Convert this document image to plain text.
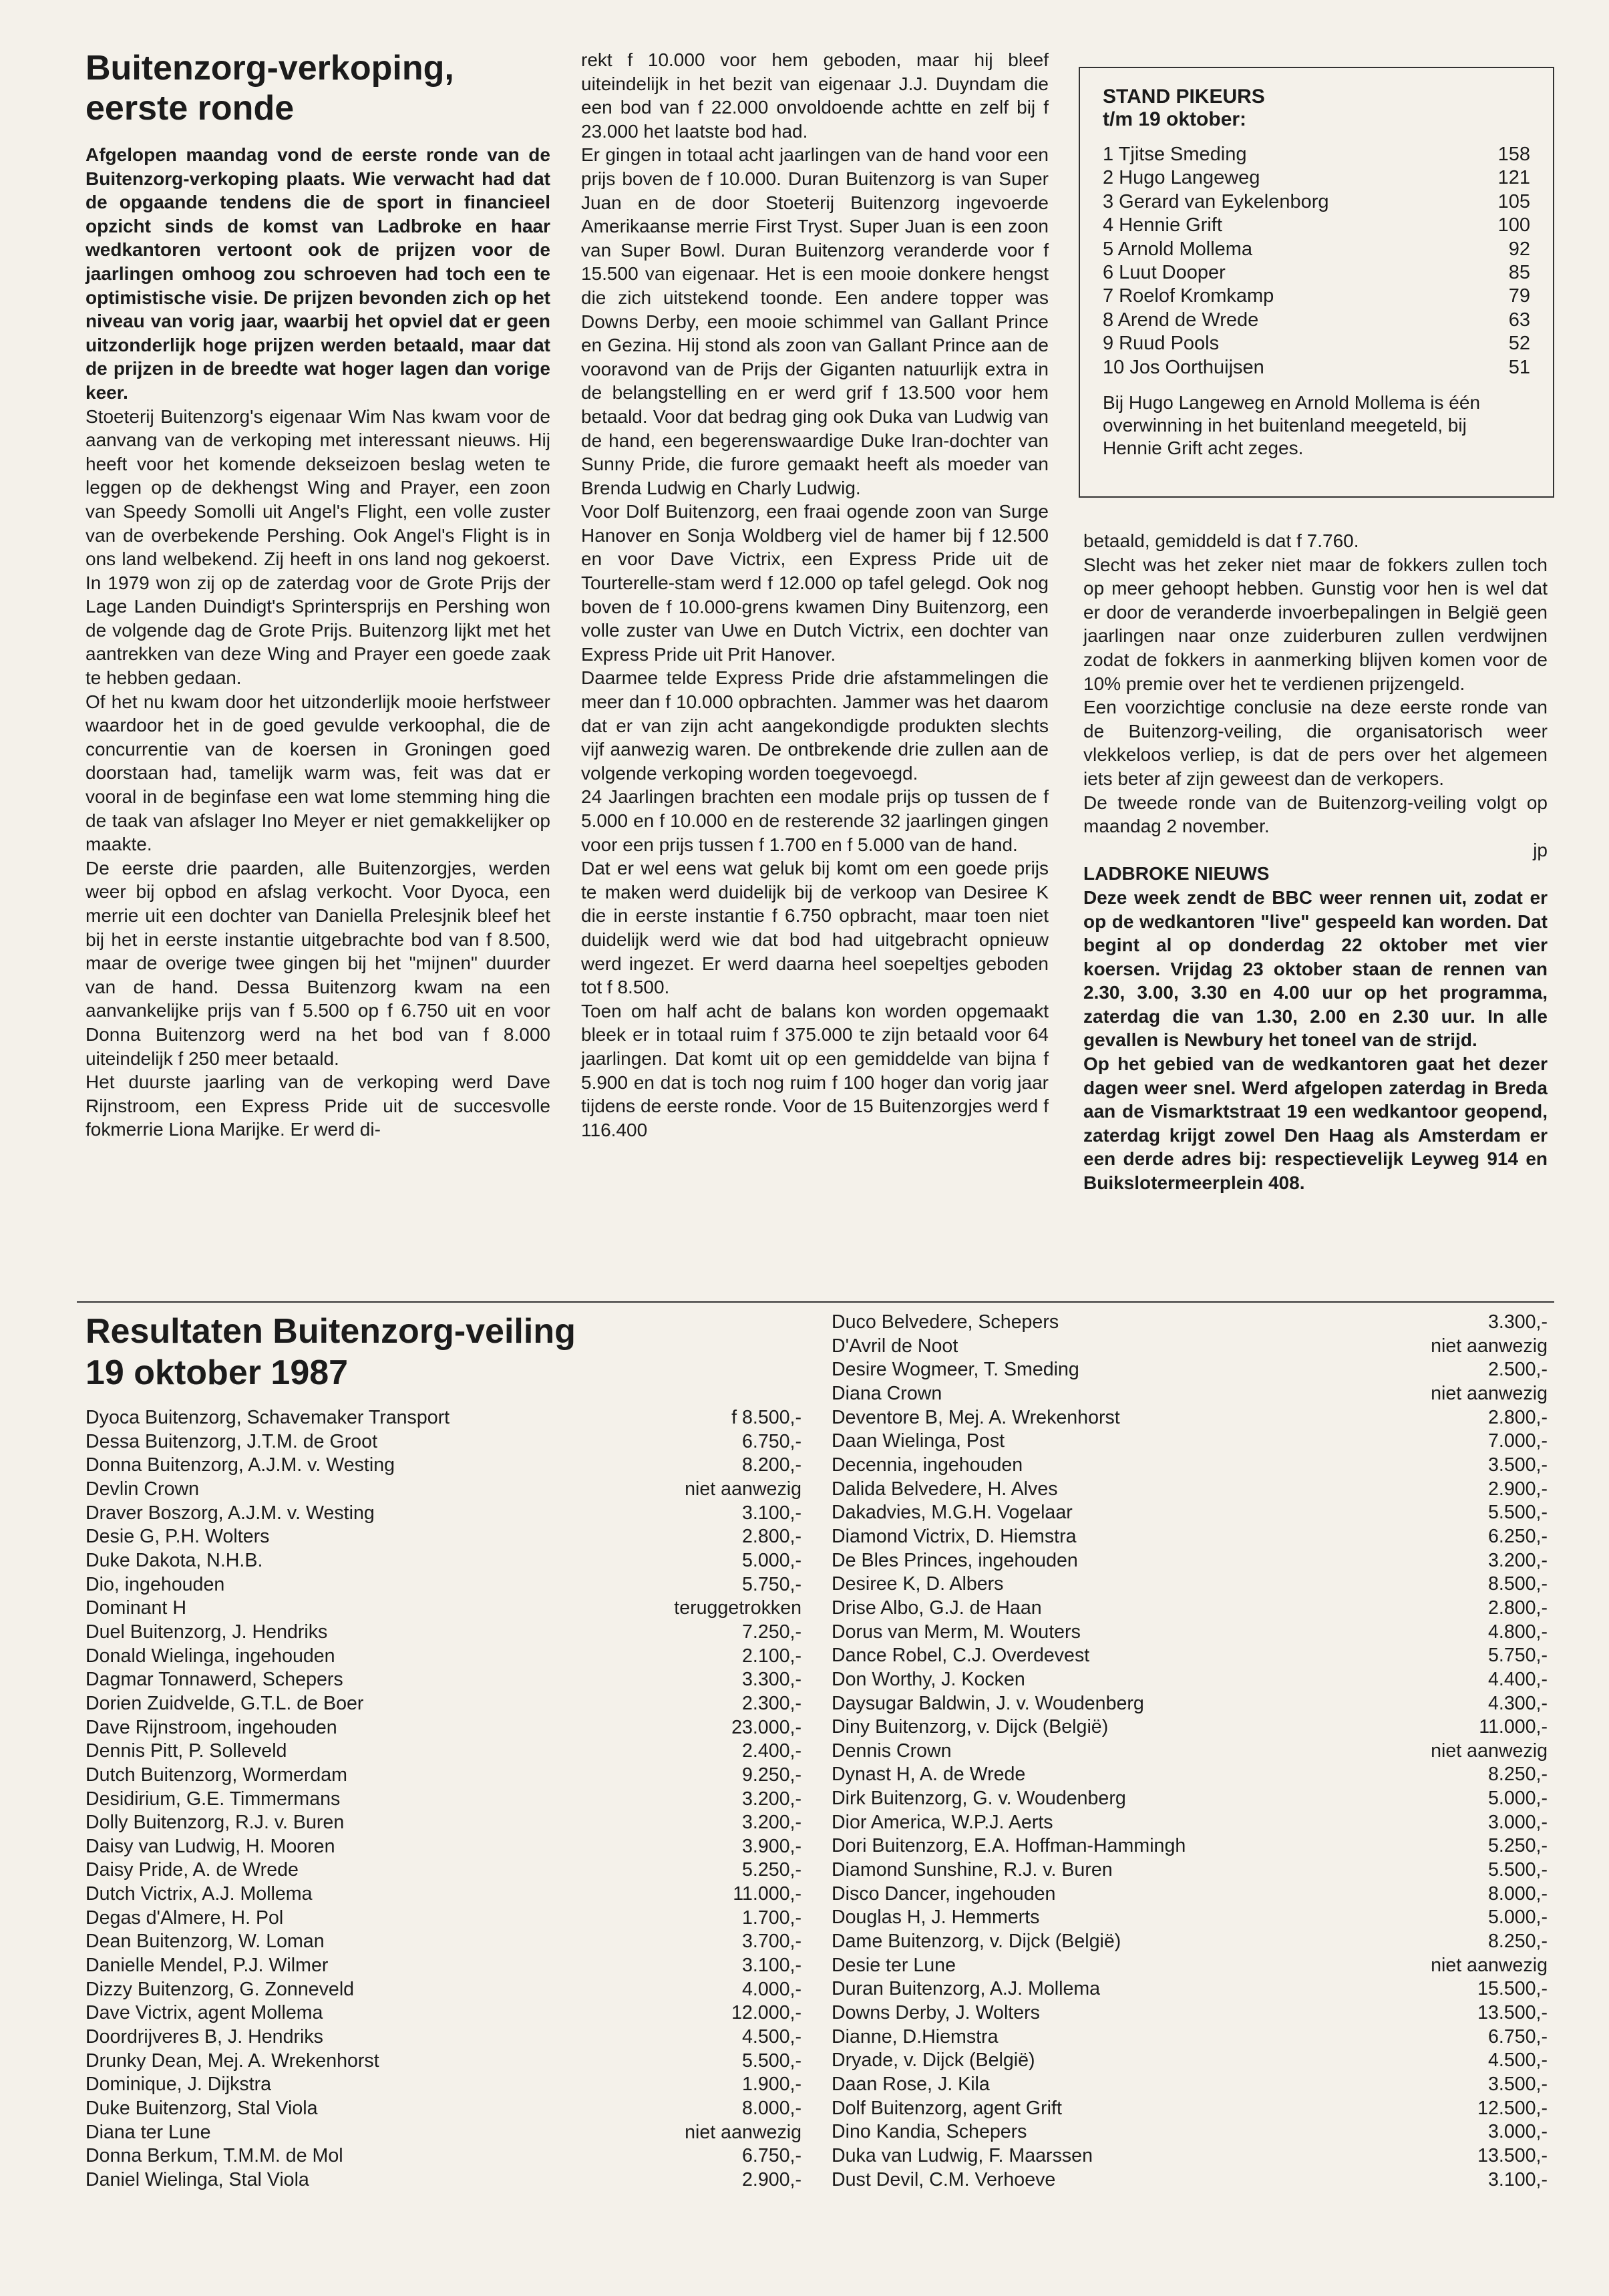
Buitenzorg-verkoping,
eerste ronde

Afgelopen maandag vond de eerste ronde van de Buitenzorg-verkoping plaats. Wie verwacht had dat de opgaande tendens die de sport in financieel opzicht sinds de komst van Ladbroke en haar wedkantoren vertoont ook de prijzen voor de jaarlingen omhoog zou schroeven had toch een te optimistische visie. De prijzen bevonden zich op het niveau van vorig jaar, waarbij het opviel dat er geen uitzonderlijk hoge prijzen werden betaald, maar dat de prijzen in de breedte wat hoger lagen dan vorige keer.

Stoeterij Buitenzorg's eigenaar Wim Nas kwam voor de aanvang van de verkoping met interessant nieuws. Hij heeft voor het komende dekseizoen beslag weten te leggen op de dekhengst Wing and Prayer, een zoon van Speedy Somolli uit Angel's Flight, een volle zuster van de overbekende Pershing. Ook Angel's Flight is in ons land welbekend. Zij heeft in ons land nog gekoerst. In 1979 won zij op de zaterdag voor de Grote Prijs der Lage Landen Duindigt's Sprintersprijs en Pershing won de volgende dag de Grote Prijs. Buitenzorg lijkt met het aantrekken van deze Wing and Prayer een goede zaak te hebben gedaan.

Of het nu kwam door het uitzonderlijk mooie herfstweer waardoor het in de goed gevulde verkoophal, die de concurrentie van de koersen in Groningen goed doorstaan had, tamelijk warm was, feit was dat er vooral in de beginfase een wat lome stemming hing die de taak van afslager Ino Meyer er niet gemakkelijker op maakte.

De eerste drie paarden, alle Buitenzorgjes, werden weer bij opbod en afslag verkocht. Voor Dyoca, een merrie uit een dochter van Daniella Prelesjnik bleef het bij het in eerste instantie uitgebrachte bod van f 8.500, maar de overige twee gingen bij het "mijnen" duurder van de hand. Dessa Buitenzorg kwam na een aanvankelijke prijs van f 5.500 op f 6.750 uit en voor Donna Buitenzorg werd na het bod van f 8.000 uiteindelijk f 250 meer betaald.

Het duurste jaarling van de verkoping werd Dave Rijnstroom, een Express Pride uit de succesvolle fokmerrie Liona Marijke. Er werd di-

rekt f 10.000 voor hem geboden, maar hij bleef uiteindelijk in het bezit van eigenaar J.J. Duyndam die een bod van f 22.000 onvoldoende achtte en zelf bij f 23.000 het laatste bod had.

Er gingen in totaal acht jaarlingen van de hand voor een prijs boven de f 10.000. Duran Buitenzorg is van Super Juan en de door Stoeterij Buitenzorg ingevoerde Amerikaanse merrie First Tryst. Super Juan is een zoon van Super Bowl. Duran Buitenzorg veranderde voor f 15.500 van eigenaar. Het is een mooie donkere hengst die zich uitstekend toonde. Een andere topper was Downs Derby, een mooie schimmel van Gallant Prince en Gezina. Hij stond als zoon van Gallant Prince aan de vooravond van de Prijs der Giganten natuurlijk extra in de belangstelling en er werd grif f 13.500 voor hem betaald. Voor dat bedrag ging ook Duka van Ludwig van de hand, een begerenswaardige Duke Iran-dochter van Sunny Pride, die furore gemaakt heeft als moeder van Brenda Ludwig en Charly Ludwig.

Voor Dolf Buitenzorg, een fraai ogende zoon van Surge Hanover en Sonja Woldberg viel de hamer bij f 12.500 en voor Dave Victrix, een Express Pride uit de Tourterelle-stam werd f 12.000 op tafel gelegd. Ook nog boven de f 10.000-grens kwamen Diny Buitenzorg, een volle zuster van Uwe en Dutch Victrix, een dochter van Express Pride uit Prit Hanover.

Daarmee telde Express Pride drie afstammelingen die meer dan f 10.000 opbrachten. Jammer was het daarom dat er van zijn acht aangekondigde produkten slechts vijf aanwezig waren. De ontbrekende drie zullen aan de volgende verkoping worden toegevoegd.

24 Jaarlingen brachten een modale prijs op tussen de f 5.000 en f 10.000 en de resterende 32 jaarlingen gingen voor een prijs tussen f 1.700 en f 5.000 van de hand.

Dat er wel eens wat geluk bij komt om een goede prijs te maken werd duidelijk bij de verkoop van Desiree K die in eerste instantie f 6.750 opbracht, maar toen niet duidelijk werd wie dat bod had uitgebracht opnieuw werd ingezet. Er werd daarna heel soepeltjes geboden tot f 8.500.

Toen om half acht de balans kon worden opgemaakt bleek er in totaal ruim f 375.000 te zijn betaald voor 64 jaarlingen. Dat komt uit op een gemiddelde van bijna f 5.900 en dat is toch nog ruim f 100 hoger dan vorig jaar tijdens de eerste ronde. Voor de 15 Buitenzorgjes werd f 116.400

STAND PIKEURS

t/m 19 oktober:

1 Tjitse Smeding	158
2 Hugo Langeweg	121
3 Gerard van Eykelenborg	105
4 Hennie Grift	100
5 Arnold Mollema	92
6 Luut Dooper	85
7 Roelof Kromkamp	79
8 Arend de Wrede	63
9 Ruud Pools	52
10 Jos Oorthuijsen	51

Bij Hugo Langeweg en Arnold Mollema is één overwinning in het buitenland meegeteld, bij Hennie Grift acht zeges.

betaald, gemiddeld is dat f 7.760.

Slecht was het zeker niet maar de fokkers zullen toch op meer gehoopt hebben. Gunstig voor hen is wel dat er door de veranderde invoerbepalingen in België geen jaarlingen naar onze zuiderburen zullen verdwijnen zodat de fokkers in aanmerking blijven komen voor de 10% premie over het te verdienen prijzengeld.

Een voorzichtige conclusie na deze eerste ronde van de Buitenzorg-veiling, die organisatorisch weer vlekkeloos verliep, is dat de pers over het algemeen iets beter af zijn geweest dan de verkopers.

De tweede ronde van de Buitenzorg-veiling volgt op maandag 2 november.

jp

LADBROKE NIEUWS

Deze week zendt de BBC weer rennen uit, zodat er op de wedkantoren "live" gespeeld kan worden. Dat begint al op donderdag 22 oktober met vier koersen. Vrijdag 23 oktober staan de rennen van 2.30, 3.00, 3.30 en 4.00 uur op het programma, zaterdag die van 1.30, 2.00 en 2.30 uur. In alle gevallen is Newbury het toneel van de strijd.

Op het gebied van de wedkantoren gaat het dezer dagen weer snel. Werd afgelopen zaterdag in Breda aan de Vismarktstraat 19 een wedkantoor geopend, zaterdag krijgt zowel Den Haag als Amsterdam er een derde adres bij: respectievelijk Leyweg 914 en Buikslotermeerplein 408.

Resultaten Buitenzorg-veiling
19 oktober 1987
Dyoca Buitenzorg, Schavemaker Transport	f 8.500,-
Dessa Buitenzorg, J.T.M. de Groot	6.750,-
Donna Buitenzorg, A.J.M. v. Westing	8.200,-
Devlin Crown	niet aanwezig
Draver Boszorg, A.J.M. v. Westing	3.100,-
Desie G, P.H. Wolters	2.800,-
Duke Dakota, N.H.B.	5.000,-
Dio, ingehouden	5.750,-
Dominant H	teruggetrokken
Duel Buitenzorg, J. Hendriks	7.250,-
Donald Wielinga, ingehouden	2.100,-
Dagmar Tonnawerd, Schepers	3.300,-
Dorien Zuidvelde, G.T.L. de Boer	2.300,-
Dave Rijnstroom, ingehouden	23.000,-
Dennis Pitt, P. Solleveld	2.400,-
Dutch Buitenzorg, Wormerdam	9.250,-
Desidirium, G.E. Timmermans	3.200,-
Dolly Buitenzorg, R.J. v. Buren	3.200,-
Daisy van Ludwig, H. Mooren	3.900,-
Daisy Pride, A. de Wrede	5.250,-
Dutch Victrix, A.J. Mollema	11.000,-
Degas d'Almere, H. Pol	1.700,-
Dean Buitenzorg, W. Loman	3.700,-
Danielle Mendel, P.J. Wilmer	3.100,-
Dizzy Buitenzorg, G. Zonneveld	4.000,-
Dave Victrix, agent Mollema	12.000,-
Doordrijveres B, J. Hendriks	4.500,-
Drunky Dean, Mej. A. Wrekenhorst	5.500,-
Dominique, J. Dijkstra	1.900,-
Duke Buitenzorg, Stal Viola	8.000,-
Diana ter Lune	niet aanwezig
Donna Berkum, T.M.M. de Mol	6.750,-
Daniel Wielinga, Stal Viola	2.900,-
Duco Belvedere, Schepers	3.300,-
D'Avril de Noot	niet aanwezig
Desire Wogmeer, T. Smeding	2.500,-
Diana Crown	niet aanwezig
Deventore B, Mej. A. Wrekenhorst	2.800,-
Daan Wielinga, Post	7.000,-
Decennia, ingehouden	3.500,-
Dalida Belvedere, H. Alves	2.900,-
Dakadvies, M.G.H. Vogelaar	5.500,-
Diamond Victrix, D. Hiemstra	6.250,-
De Bles Princes, ingehouden	3.200,-
Desiree K, D. Albers	8.500,-
Drise Albo, G.J. de Haan	2.800,-
Dorus van Merm, M. Wouters	4.800,-
Dance Robel, C.J. Overdevest	5.750,-
Don Worthy, J. Kocken	4.400,-
Daysugar Baldwin, J. v. Woudenberg	4.300,-
Diny Buitenzorg, v. Dijck (België)	11.000,-
Dennis Crown	niet aanwezig
Dynast H, A. de Wrede	8.250,-
Dirk Buitenzorg, G. v. Woudenberg	5.000,-
Dior America, W.P.J. Aerts	3.000,-
Dori Buitenzorg, E.A. Hoffman-Hammingh	5.250,-
Diamond Sunshine, R.J. v. Buren	5.500,-
Disco Dancer, ingehouden	8.000,-
Douglas H, J. Hemmerts	5.000,-
Dame Buitenzorg, v. Dijck (België)	8.250,-
Desie ter Lune	niet aanwezig
Duran Buitenzorg, A.J. Mollema	15.500,-
Downs Derby, J. Wolters	13.500,-
Dianne, D.Hiemstra	6.750,-
Dryade, v. Dijck (België)	4.500,-
Daan Rose, J. Kila	3.500,-
Dolf Buitenzorg, agent Grift	12.500,-
Dino Kandia, Schepers	3.000,-
Duka van Ludwig, F. Maarssen	13.500,-
Dust Devil, C.M. Verhoeve	3.100,-
